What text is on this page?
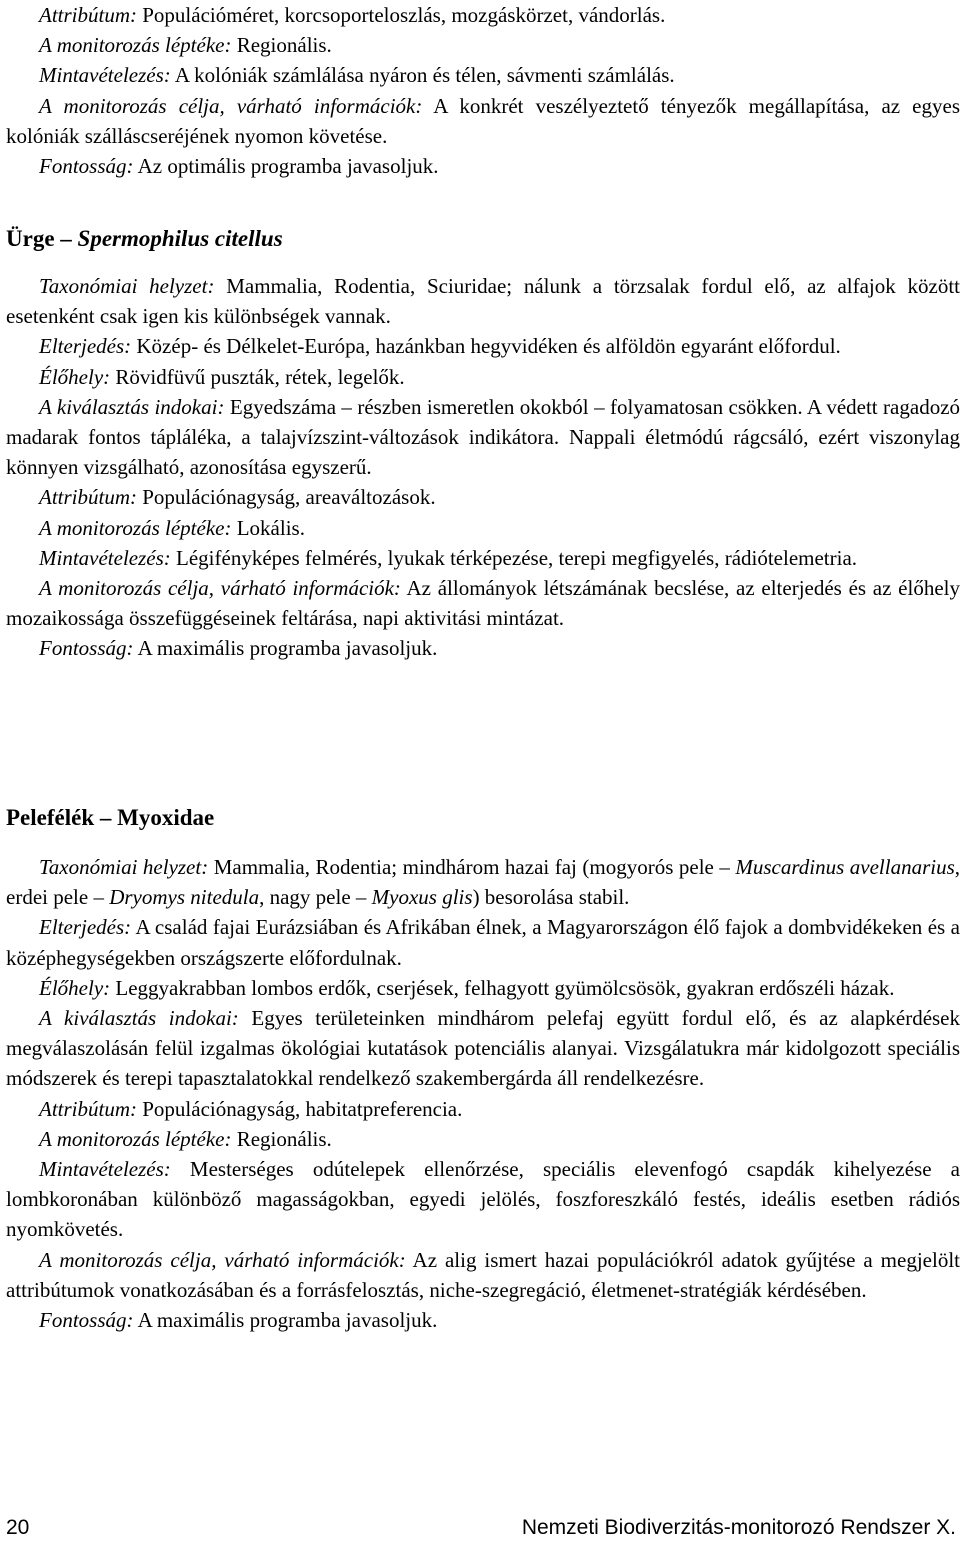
Attribútum: Populációméret, korcsoporteloszlás, mozgáskörzet, vándorlás.

A monitorozás léptéke: Regionális.

Mintavételezés: A kolóniák számlálása nyáron és télen, sávmenti számlálás.

A monitorozás célja, várható információk: A konkrét veszélyeztető tényezők megállapítása, az egyes kolóniák szálláscseréjének nyomon követése.

Fontosság: Az optimális programba javasoljuk.

Ürge – Spermophilus citellus

Taxonómiai helyzet: Mammalia, Rodentia, Sciuridae; nálunk a törzsalak fordul elő, az alfajok között esetenként csak igen kis különbségek vannak.

Elterjedés: Közép- és Délkelet-Európa, hazánkban hegyvidéken és alföldön egyaránt előfordul.

Élőhely: Rövidfüvű puszták, rétek, legelők.

A kiválasztás indokai: Egyedszáma – részben ismeretlen okokból – folyamatosan csökken. A védett ragadozó madarak fontos tápláléka, a talajvízszint-változások indikátora. Nappali életmódú rágcsáló, ezért viszonylag könnyen vizsgálható, azonosítása egyszerű.

Attribútum: Populációnagyság, areaváltozások.

A monitorozás léptéke: Lokális.

Mintavételezés: Légifényképes felmérés, lyukak térképezése, terepi megfigyelés, rádiótelemetria.

A monitorozás célja, várható információk: Az állományok létszámának becslése, az elterjedés és az élőhely mozaikossága összefüggéseinek feltárása, napi aktivitási mintázat.

Fontosság: A maximális programba javasoljuk.

Pelefélék – Myoxidae

Taxonómiai helyzet: Mammalia, Rodentia; mindhárom hazai faj (mogyorós pele – Muscardinus avellanarius, erdei pele – Dryomys nitedula, nagy pele – Myoxus glis) besorolása stabil.

Elterjedés: A család fajai Eurázsiában és Afrikában élnek, a Magyarországon élő fajok a dombvidékeken és a középhegységekben országszerte előfordulnak.

Élőhely: Leggyakrabban lombos erdők, cserjések, felhagyott gyümölcsösök, gyakran erdőszéli házak.

A kiválasztás indokai: Egyes területeinken mindhárom pelefaj együtt fordul elő, és az alapkérdések megválaszolásán felül izgalmas ökológiai kutatások potenciális alanyai. Vizsgálatukra már kidolgozott speciális módszerek és terepi tapasztalatokkal rendelkező szakembergárda áll rendelkezésre.

Attribútum: Populációnagyság, habitatpreferencia.

A monitorozás léptéke: Regionális.

Mintavételezés: Mesterséges odútelepek ellenőrzése, speciális elevenfogó csapdák kihelyezése a lombkoronában különböző magasságokban, egyedi jelölés, foszforeszkáló festés, ideális esetben rádiós nyomkövetés.

A monitorozás célja, várható információk: Az alig ismert hazai populációkról adatok gyűjtése a megjelölt attribútumok vonatkozásában és a forrásfelosztás, niche-szegregáció, életmenet-stratégiák kérdésében.

Fontosság: A maximális programba javasoljuk.

20	Nemzeti Biodiverzitás-monitorozó Rendszer X.
